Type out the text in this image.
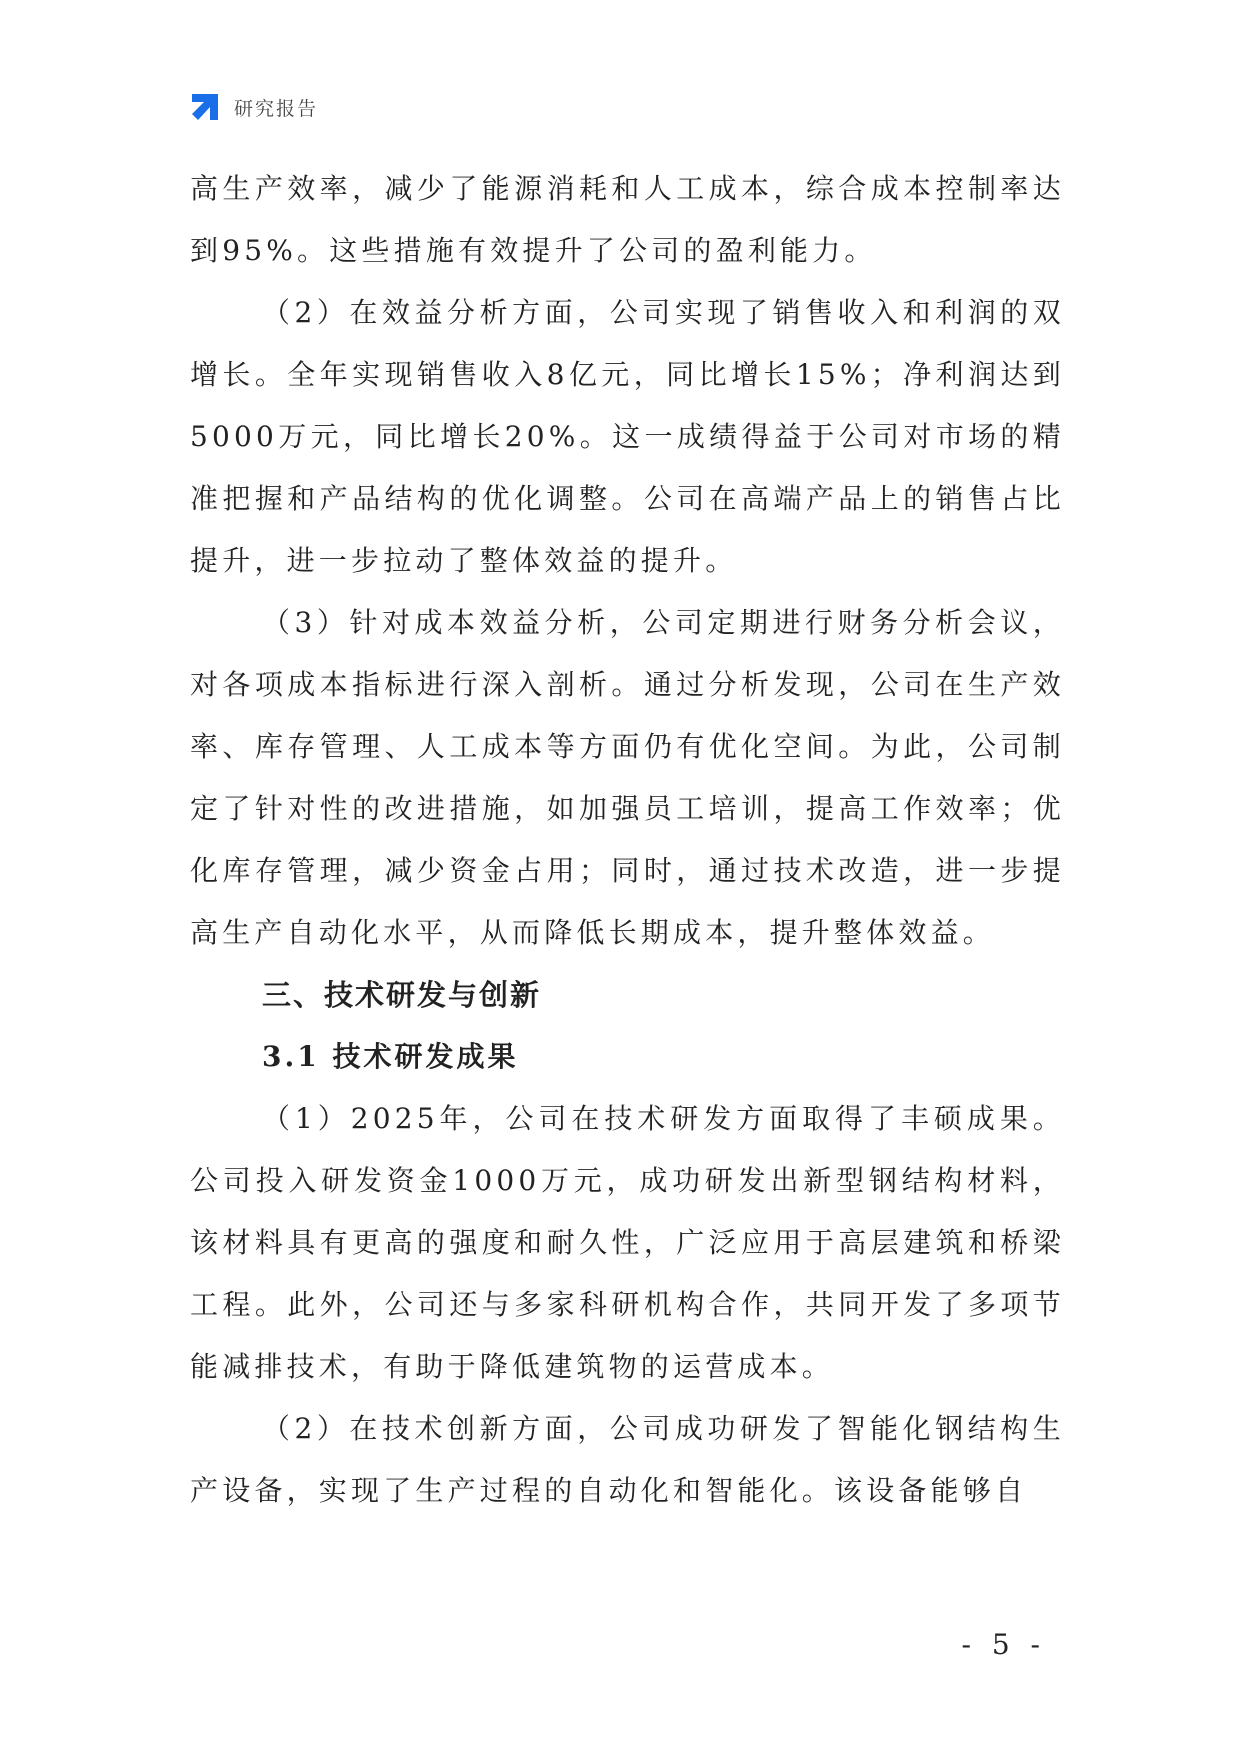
研究报告

高生产效率，减少了能源消耗和人工成本，综合成本控制率达到95%。这些措施有效提升了公司的盈利能力。

（2）在效益分析方面，公司实现了销售收入和利润的双增长。全年实现销售收入8亿元，同比增长15%；净利润达到5000万元，同比增长20%。这一成绩得益于公司对市场的精准把握和产品结构的优化调整。公司在高端产品上的销售占比提升，进一步拉动了整体效益的提升。

（3）针对成本效益分析，公司定期进行财务分析会议，对各项成本指标进行深入剖析。通过分析发现，公司在生产效率、库存管理、人工成本等方面仍有优化空间。为此，公司制定了针对性的改进措施，如加强员工培训，提高工作效率；优化库存管理，减少资金占用；同时，通过技术改造，进一步提高生产自动化水平，从而降低长期成本，提升整体效益。

三、技术研发与创新
3.1 技术研发成果

（1）2025年，公司在技术研发方面取得了丰硕成果。公司投入研发资金1000万元，成功研发出新型钢结构材料，该材料具有更高的强度和耐久性，广泛应用于高层建筑和桥梁工程。此外，公司还与多家科研机构合作，共同开发了多项节能减排技术，有助于降低建筑物的运营成本。

（2）在技术创新方面，公司成功研发了智能化钢结构生产设备，实现了生产过程的自动化和智能化。该设备能够自

- 5 -
